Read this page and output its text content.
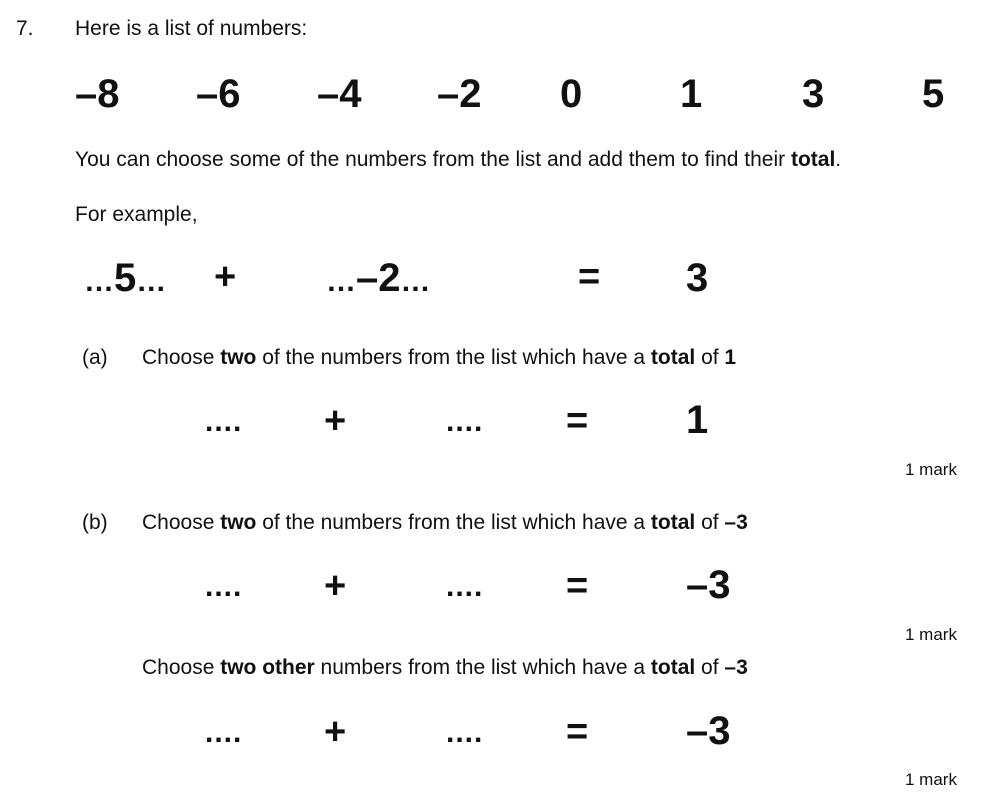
7. Here is a list of numbers:
–8 –6 –4 –2 0 1 3 5
You can choose some of the numbers from the list and add them to find their total.
For example,
…5… +	…–2…	= 3
(a) Choose two of the numbers from the list which have a total of 1
.... +	.... = 1
1 mark
(b) Choose two of the numbers from the list which have a total of –3
.... +	.... = –3
1 mark
Choose two other numbers from the list which have a total of –3
.... +	.... = –3
1 mark
